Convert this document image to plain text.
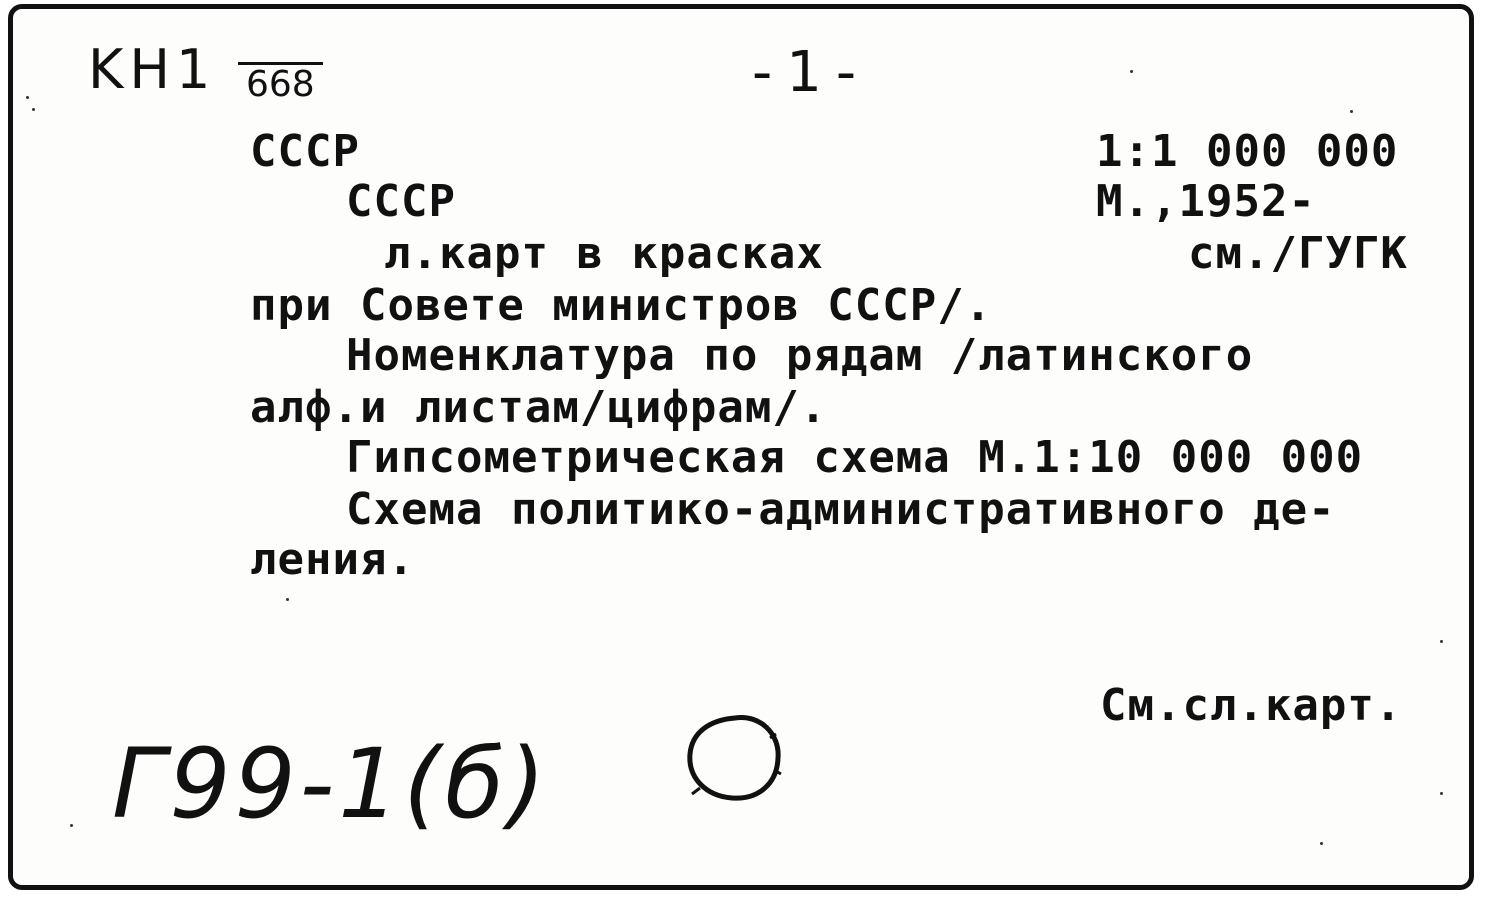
KH1 668	-1-
СССР	1:1 000 000
СССР	М.,1952-
л.карт в красках	см./ГУГК
при Совете министров СССР/.
Номенклатура по рядам /латинского
алф.и листам/цифрам/.
Гипсометрическая схема М.1:10 000 000
Схема политико-административного де-
ления.
См.сл.карт.
Г99-1(б)
